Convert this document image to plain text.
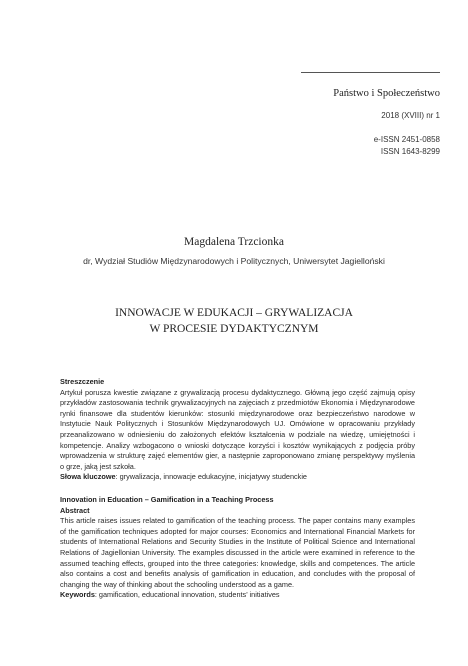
Państwo i Społeczeństwo
2018 (XVIII) nr 1
e-ISSN 2451-0858
ISSN 1643-8299
Magdalena Trzcionka
dr, Wydział Studiów Międzynarodowych i Politycznych, Uniwersytet Jagielloński
INNOWACJE W EDUKACJI – GRYWALIZACJA
W PROCESIE DYDAKTYCZNYM

Streszczenie

Artykuł porusza kwestie związane z grywalizacją procesu dydaktycznego. Główną jego część zajmują opisy przykładów zastosowania technik grywalizacyjnych na zajęciach z przedmiotów Ekonomia i Międzynarodowe rynki finansowe dla studentów kierunków: stosunki międzynarodowe oraz bezpieczeństwo narodowe w Instytucie Nauk Politycznych i Stosunków Międzynarodowych UJ. Omówione w opracowaniu przykłady przeanalizowano w odniesieniu do założonych efektów kształcenia w podziale na wiedzę, umiejętności i kompetencje. Analizy wzbogacono o wnioski dotyczące korzyści i kosztów wynikających z podjęcia próby wprowadzenia w strukturę zajęć elementów gier, a następnie zaproponowano zmianę perspektywy myślenia o grze, jaką jest szkoła.

Słowa kluczowe: grywalizacja, innowacje edukacyjne, inicjatywy studenckie

Innovation in Education – Gamification in a Teaching Process

Abstract

This article raises issues related to gamification of the teaching process. The paper contains many examples of the gamification techniques adopted for major courses: Economics and International Financial Markets for students of International Relations and Security Studies in the Institute of Political Science and International Relations of Jagiellonian University. The examples discussed in the article were examined in reference to the assumed teaching effects, grouped into the three categories: knowledge, skills and competences. The article also contains a cost and benefits analysis of gamification in education, and concludes with the proposal of changing the way of thinking about the schooling understood as a game.

Keywords: gamification, educational innovation, students’ initiatives
